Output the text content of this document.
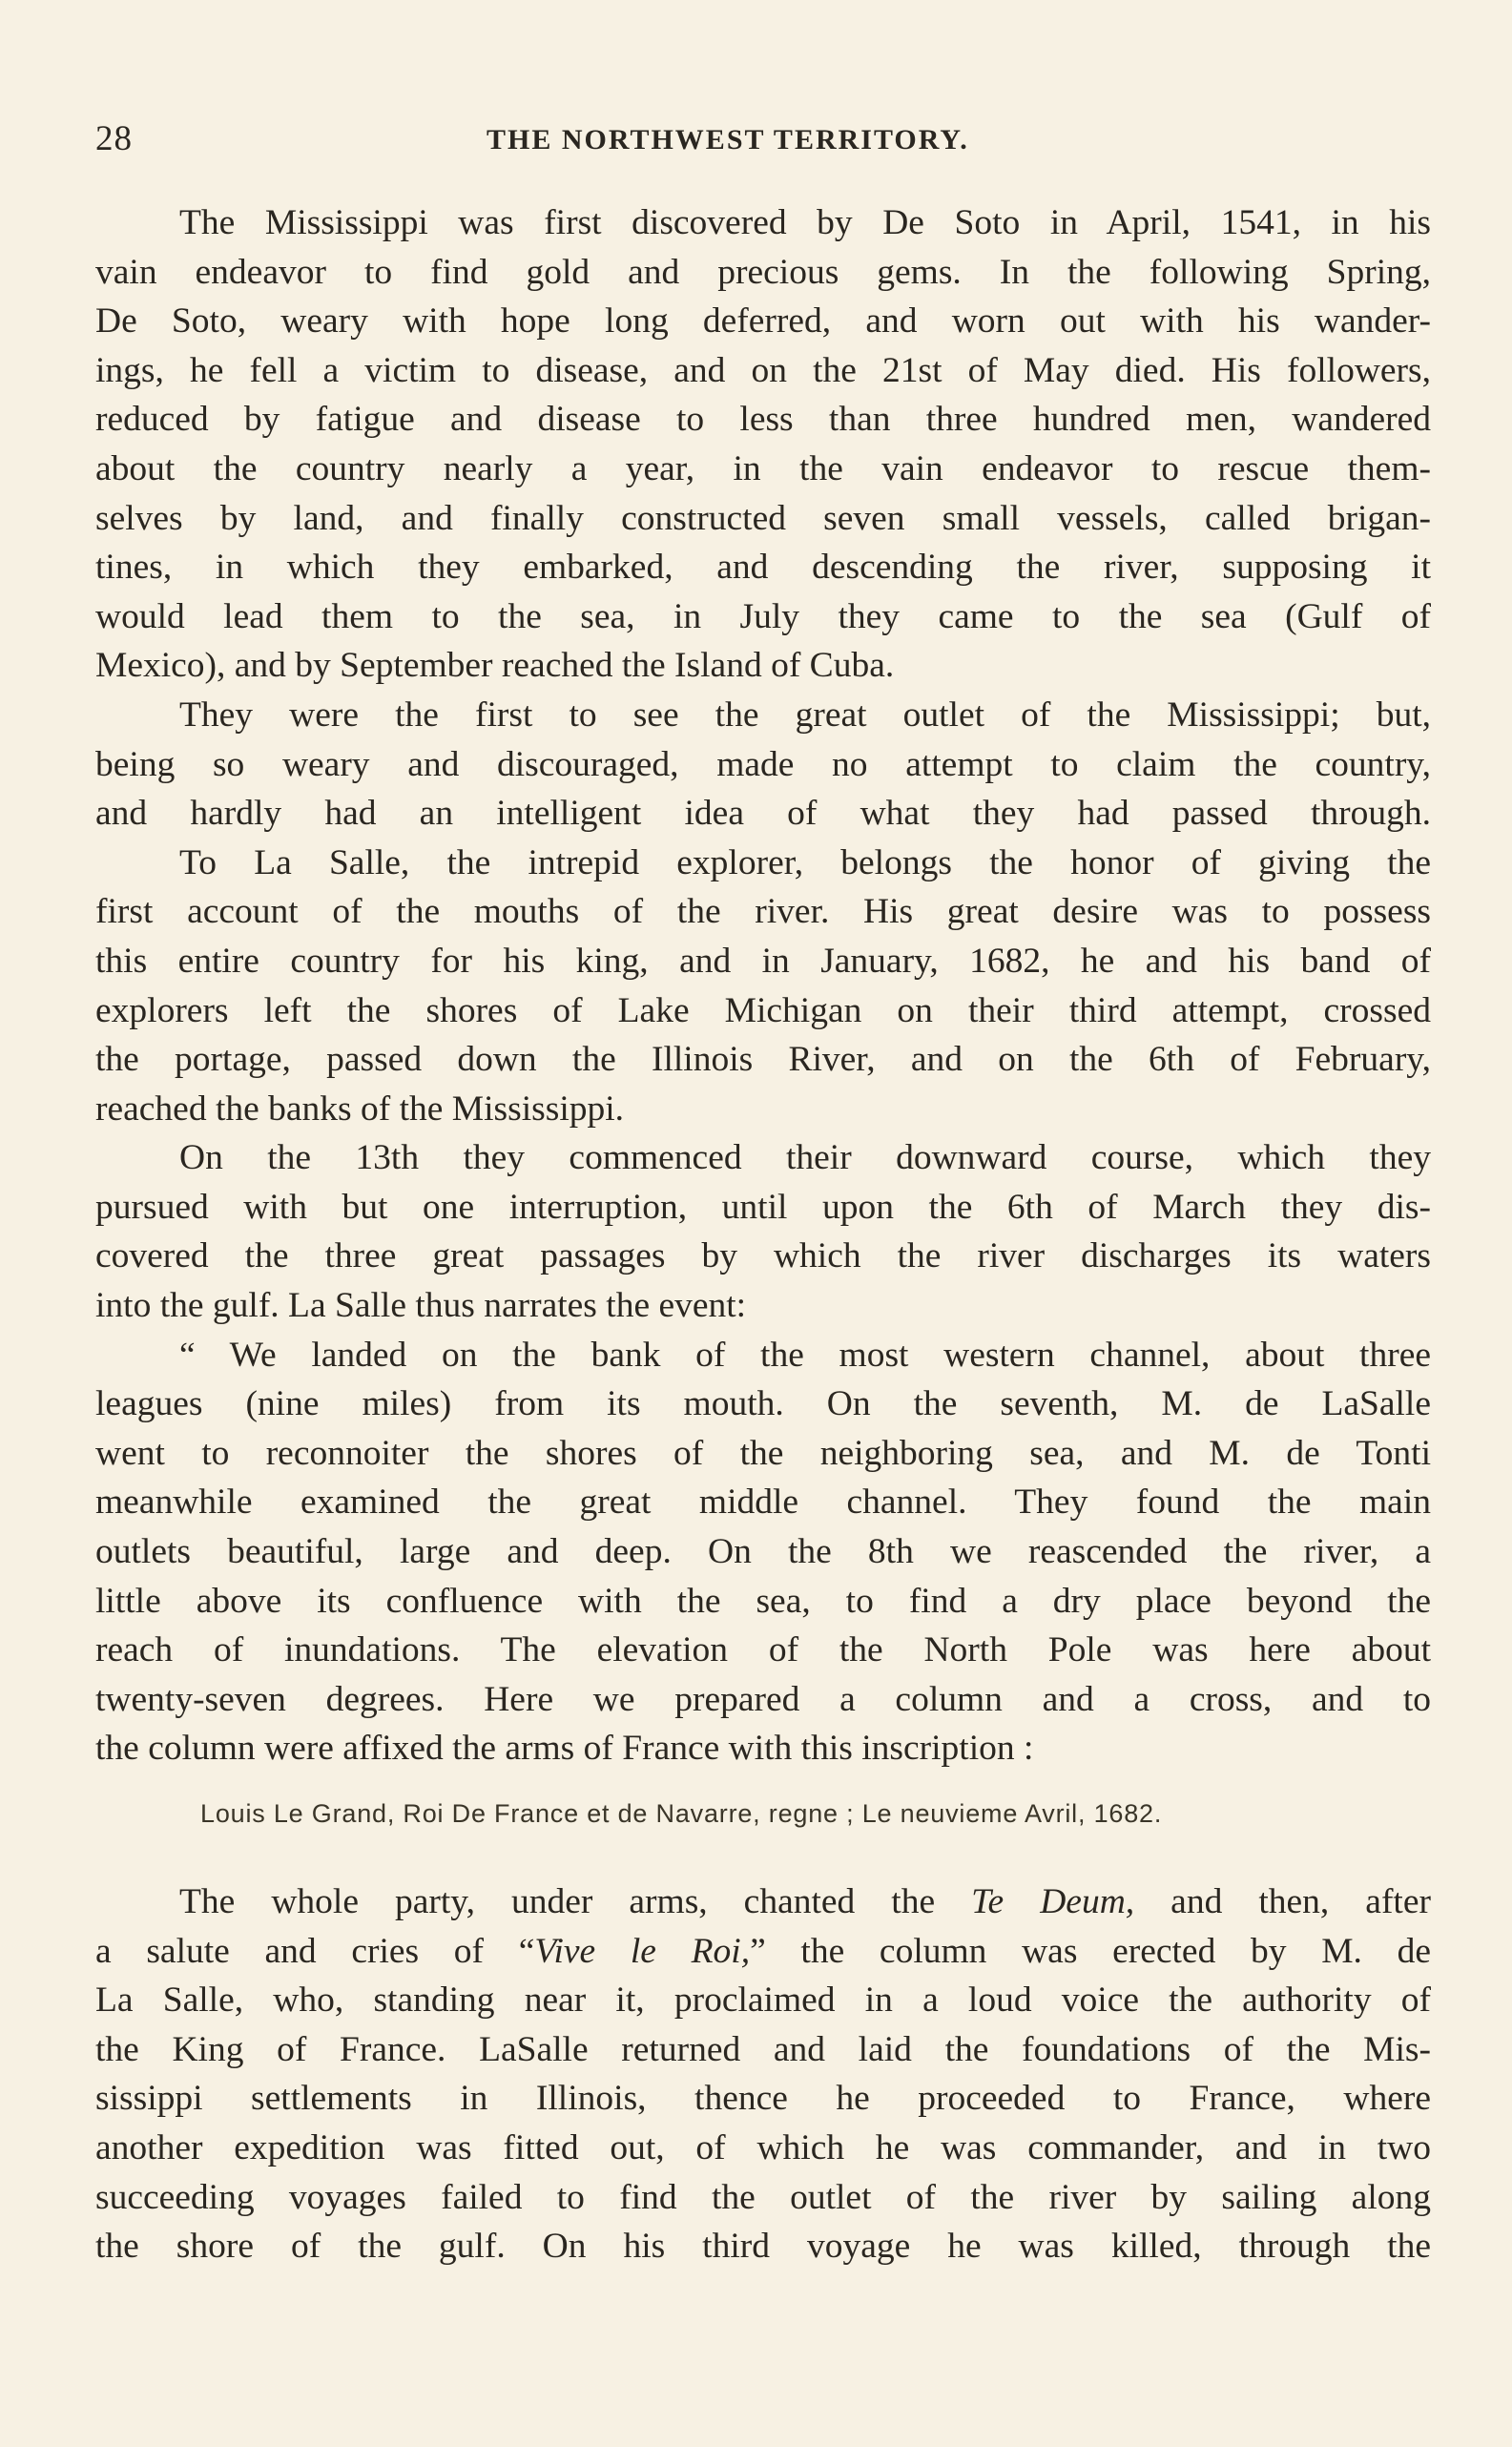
28	THE NORTHWEST TERRITORY.
The Mississippi was first discovered by De Soto in April, 1541, in his
vain endeavor to find gold and precious gems. In the following Spring,
De Soto, weary with hope long deferred, and worn out with his wander-
ings, he fell a victim to disease, and on the 21st of May died. His followers,
reduced by fatigue and disease to less than three hundred men, wandered
about the country nearly a year, in the vain endeavor to rescue them-
selves by land, and finally constructed seven small vessels, called brigan-
tines, in which they embarked, and descending the river, supposing it
would lead them to the sea, in July they came to the sea (Gulf of
Mexico), and by September reached the Island of Cuba.
They were the first to see the great outlet of the Mississippi; but,
being so weary and discouraged, made no attempt to claim the country,
and hardly had an intelligent idea of what they had passed through.
To La Salle, the intrepid explorer, belongs the honor of giving the
first account of the mouths of the river. His great desire was to possess
this entire country for his king, and in January, 1682, he and his band of
explorers left the shores of Lake Michigan on their third attempt, crossed
the portage, passed down the Illinois River, and on the 6th of February,
reached the banks of the Mississippi.
On the 13th they commenced their downward course, which they
pursued with but one interruption, until upon the 6th of March they dis-
covered the three great passages by which the river discharges its waters
into the gulf. La Salle thus narrates the event:
“ We landed on the bank of the most western channel, about three
leagues (nine miles) from its mouth. On the seventh, M. de LaSalle
went to reconnoiter the shores of the neighboring sea, and M. de Tonti
meanwhile examined the great middle channel. They found the main
outlets beautiful, large and deep. On the 8th we reascended the river, a
little above its confluence with the sea, to find a dry place beyond the
reach of inundations. The elevation of the North Pole was here about
twenty-seven degrees. Here we prepared a column and a cross, and to
the column were affixed the arms of France with this inscription :
Louis Le Grand, Roi De France et de Navarre, regne ; Le neuvieme Avril, 1682.
The whole party, under arms, chanted the Te Deum, and then, after
a salute and cries of “Vive le Roi,” the column was erected by M. de
La Salle, who, standing near it, proclaimed in a loud voice the authority of
the King of France. LaSalle returned and laid the foundations of the Mis-
sissippi settlements in Illinois, thence he proceeded to France, where
another expedition was fitted out, of which he was commander, and in two
succeeding voyages failed to find the outlet of the river by sailing along
the shore of the gulf. On his third voyage he was killed, through the
